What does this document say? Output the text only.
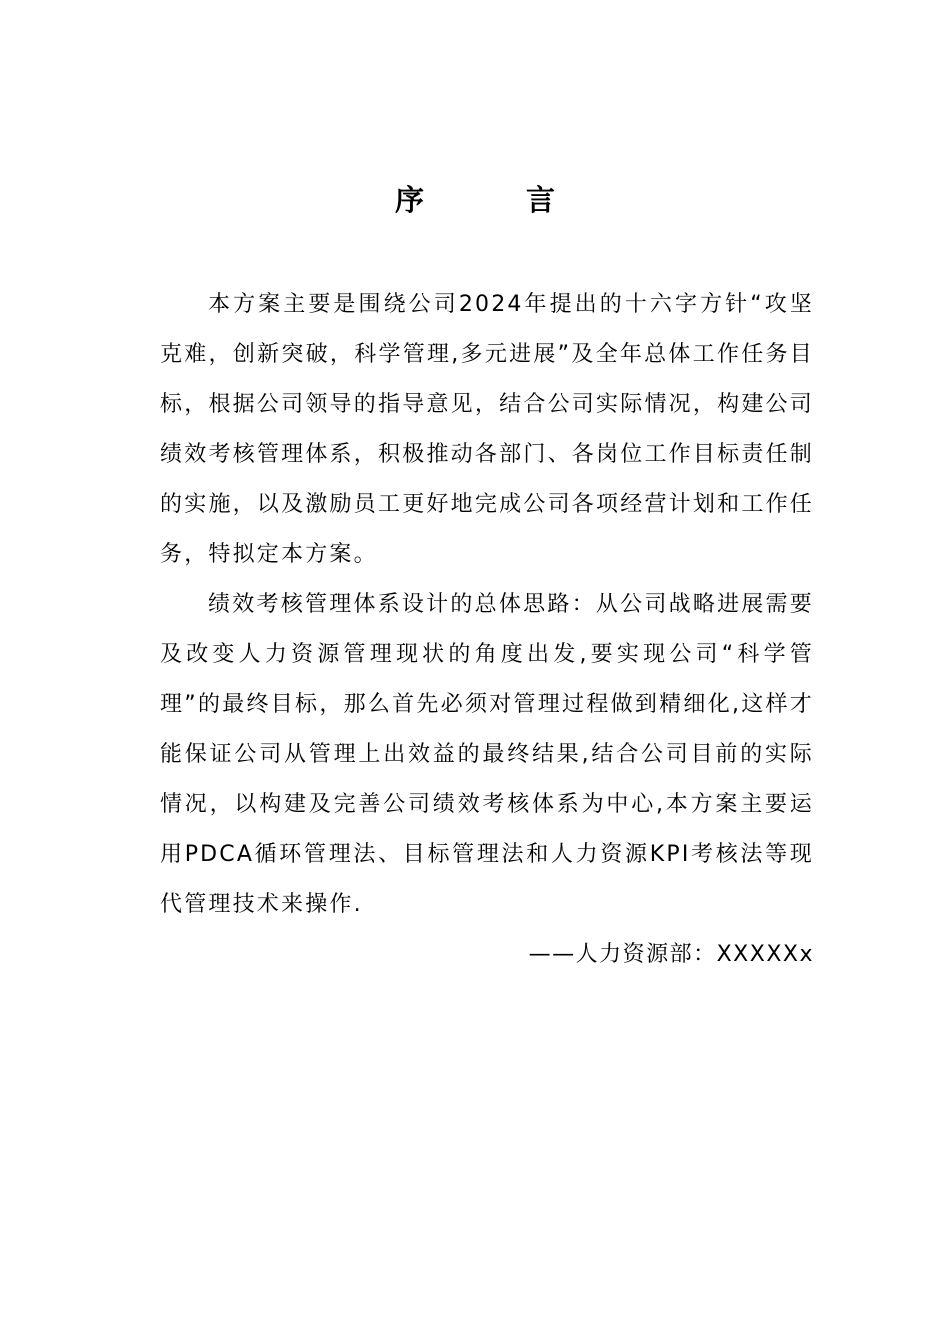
序 言

本方案主要是围绕公司2024年提出的十六字方针“攻坚克难，创新突破，科学管理,多元进展”及全年总体工作任务目标，根据公司领导的指导意见，结合公司实际情况，构建公司绩效考核管理体系，积极推动各部门、各岗位工作目标责任制的实施，以及激励员工更好地完成公司各项经营计划和工作任务，特拟定本方案。

绩效考核管理体系设计的总体思路：从公司战略进展需要及改变人力资源管理现状的角度出发,要实现公司“科学管理”的最终目标，那么首先必须对管理过程做到精细化,这样才能保证公司从管理上出效益的最终结果,结合公司目前的实际情况，以构建及完善公司绩效考核体系为中心,本方案主要运用PDCA循环管理法、目标管理法和人力资源KPI考核法等现代管理技术来操作.

——人力资源部：XXXXXx
